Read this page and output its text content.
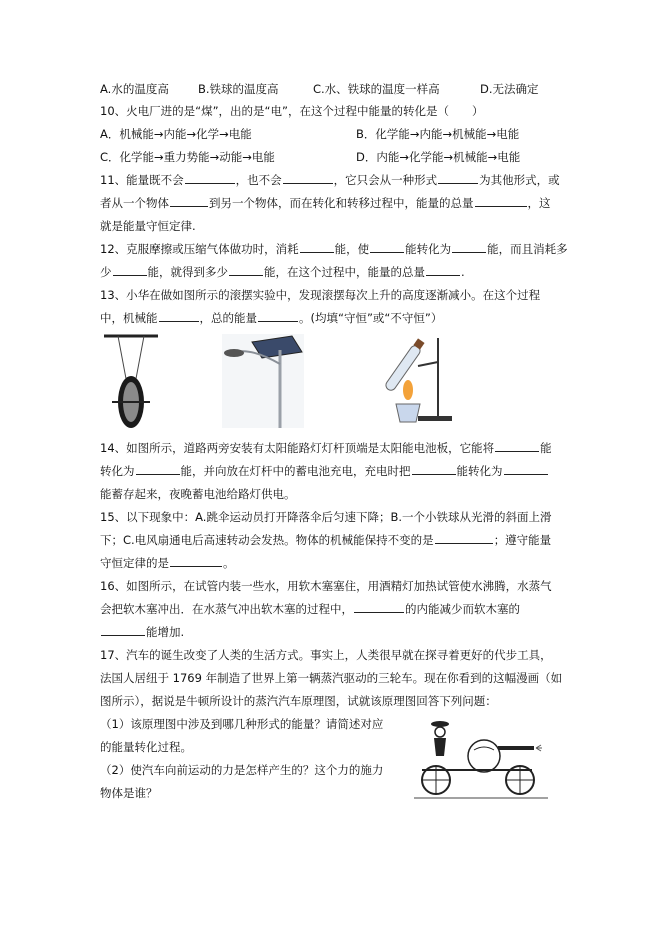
A.水的温度高	B.铁球的温度高	C.水、铁球的温度一样高	D.无法确定
10、火电厂进的是“煤”，出的是“电”，在这个过程中能量的转化是（　　）
A．机械能→内能→化学→电能	B．化学能→内能→机械能→电能
C．化学能→重力势能→动能→电能	D．内能→化学能→机械能→电能
11、能量既不会	，也不会	，它只会从一种形式	为其他形式，或
者从一个物体	到另一个物体，而在转化和转移过程中，能量的总量	，这
就是能量守恒定律.
12、克服摩擦或压缩气体做功时，消耗	能，使	能转化为	能，而且消耗多
少	能，就得到多少	能，在这个过程中，能量的总量	.
13、小华在做如图所示的滚摆实验中，发现滚摆每次上升的高度逐渐减小。在这个过程
中，机械能	，总的能量	。(均填“守恒”或“不守恒”）
14、如图所示，道路两旁安装有太阳能路灯灯杆顶端是太阳能电池板，它能将	能
转化为	能，并向放在灯杆中的蓄电池充电，充电时把	能转化为
能蓄存起来，夜晚蓄电池给路灯供电。
15、以下现象中：A.跳伞运动员打开降落伞后匀速下降；B.一个小铁球从光滑的斜面上滑
下；C.电风扇通电后高速转动会发热。物体的机械能保持不变的是	；遵守能量
守恒定律的是	。
16、如图所示，在试管内装一些水，用软木塞塞住，用酒精灯加热试管使水沸腾，水蒸气
会把软木塞冲出．在水蒸气冲出软木塞的过程中，	的内能减少而软木塞的
能增加.
17、汽车的诞生改变了人类的生活方式。事实上，人类很早就在探寻着更好的代步工具，
法国人居纽于 1769 年制造了世界上第一辆蒸汽驱动的三轮车。现在你看到的这幅漫画（如
图所示），据说是牛顿所设计的蒸汽汽车原理图，试就该原理图回答下列问题：
（1）该原理图中涉及到哪几种形式的能量？请简述对应
的能量转化过程。
（2）使汽车向前运动的力是怎样产生的？这个力的施力
物体是谁？
